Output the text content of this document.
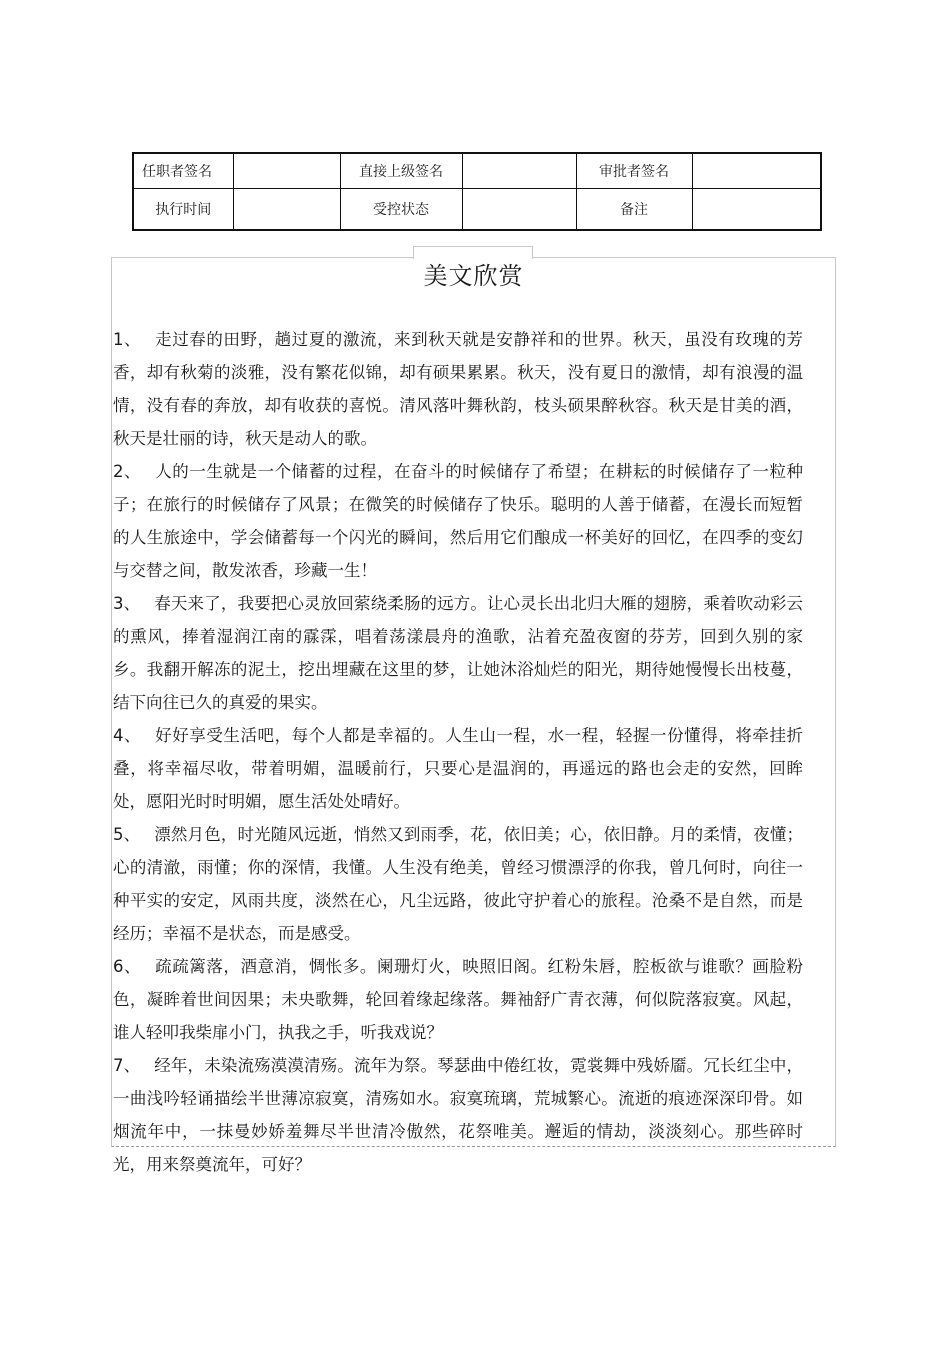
任职者签名		直接上级签名		审批者签名	
执行时间		受控状态		备注	
美文欣赏

1、 走过春的田野，趟过夏的激流，来到秋天就是安静祥和的世界。秋天，虽没有玫瑰的芳香，却有秋菊的淡雅，没有繁花似锦，却有硕果累累。秋天，没有夏日的激情，却有浪漫的温情，没有春的奔放，却有收获的喜悦。清风落叶舞秋韵，枝头硕果醉秋容。秋天是甘美的酒，秋天是壮丽的诗，秋天是动人的歌。

2、 人的一生就是一个储蓄的过程，在奋斗的时候储存了希望；在耕耘的时候储存了一粒种子；在旅行的时候储存了风景；在微笑的时候储存了快乐。聪明的人善于储蓄，在漫长而短暂的人生旅途中，学会储蓄每一个闪光的瞬间，然后用它们酿成一杯美好的回忆，在四季的变幻与交替之间，散发浓香，珍藏一生！

3、 春天来了，我要把心灵放回萦绕柔肠的远方。让心灵长出北归大雁的翅膀，乘着吹动彩云的熏风，捧着湿润江南的霡霂，唱着荡漾晨舟的渔歌，沾着充盈夜窗的芬芳，回到久别的家乡。我翻开解冻的泥土，挖出埋藏在这里的梦，让她沐浴灿烂的阳光，期待她慢慢长出枝蔓，结下向往已久的真爱的果实。

4、 好好享受生活吧，每个人都是幸福的。人生山一程，水一程，轻握一份懂得，将牵挂折叠，将幸福尽收，带着明媚，温暖前行，只要心是温润的，再遥远的路也会走的安然，回眸处，愿阳光时时明媚，愿生活处处晴好。

5、 漂然月色，时光随风远逝，悄然又到雨季，花，依旧美；心，依旧静。月的柔情，夜懂；心的清澈，雨懂；你的深情，我懂。人生没有绝美，曾经习惯漂浮的你我，曾几何时，向往一种平实的安定，风雨共度，淡然在心，凡尘远路，彼此守护着心的旅程。沧桑不是自然，而是经历；幸福不是状态，而是感受。

6、 疏疏篱落，酒意消，惆怅多。阑珊灯火，映照旧阁。红粉朱唇，腔板欲与谁歌？画脸粉色，凝眸着世间因果；未央歌舞，轮回着缘起缘落。舞袖舒广青衣薄，何似院落寂寞。风起，谁人轻叩我柴扉小门，执我之手，听我戏说？

7、 经年，未染流殇漠漠清殇。流年为祭。琴瑟曲中倦红妆，霓裳舞中残娇靥。冗长红尘中，一曲浅吟轻诵描绘半世薄凉寂寞，清殇如水。寂寞琉璃，荒城繁心。流逝的痕迹深深印骨。如烟流年中，一抹曼妙娇羞舞尽半世清冷傲然，花祭唯美。邂逅的情劫，淡淡刻心。那些碎时光，用来祭奠流年，可好？
